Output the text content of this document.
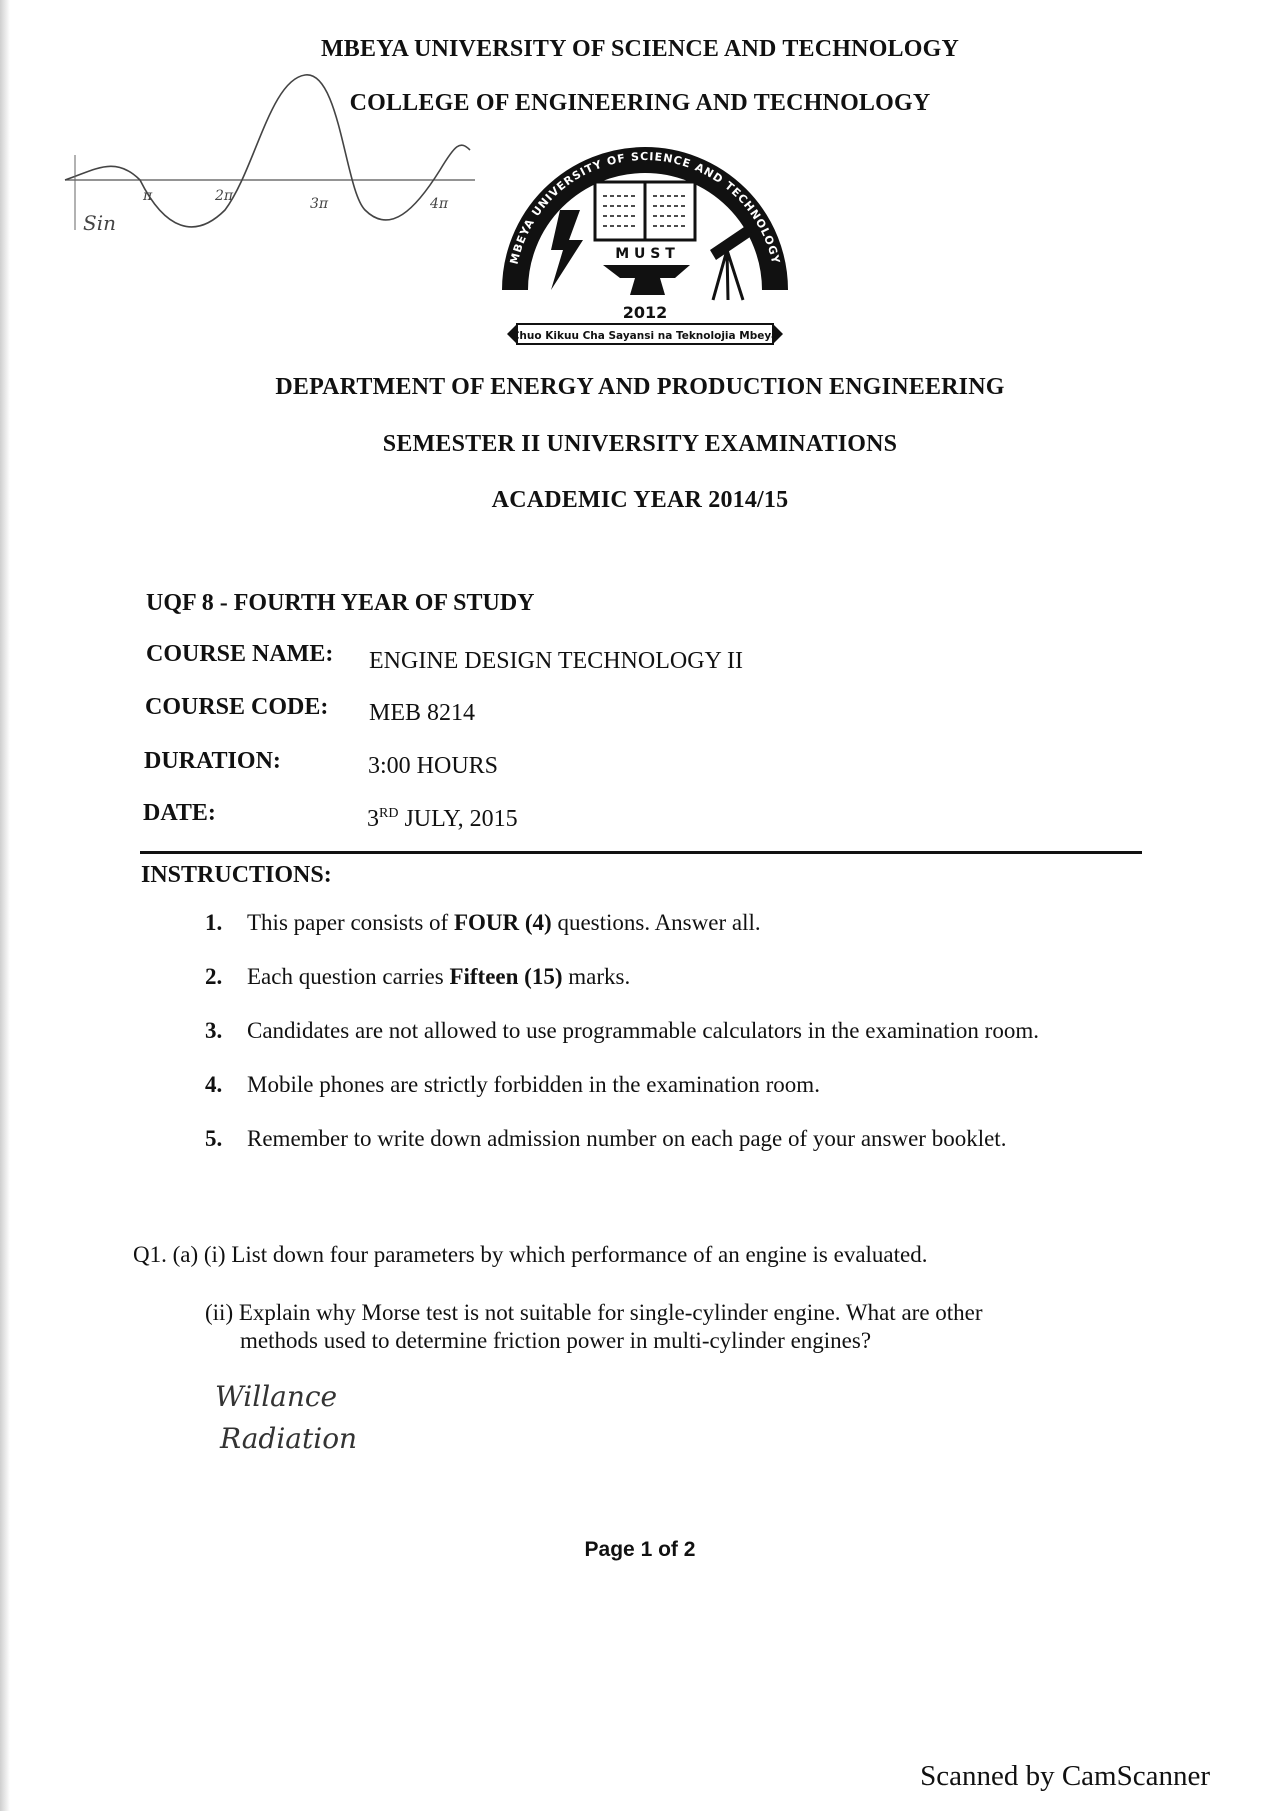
MBEYA UNIVERSITY OF SCIENCE AND TECHNOLOGY
COLLEGE OF ENGINEERING AND TECHNOLOGY
Sin
π	2π	3π	4π
MBEYA UNIVERSITY OF SCIENCE AND TECHNOLOGY
M U S T
2012
Chuo Kikuu Cha Sayansi na Teknolojia Mbeya
DEPARTMENT OF ENERGY AND PRODUCTION ENGINEERING
SEMESTER II UNIVERSITY EXAMINATIONS
ACADEMIC YEAR 2014/15
UQF 8 - FOURTH YEAR OF STUDY
COURSE NAME: ENGINE DESIGN TECHNOLOGY II
COURSE CODE: MEB 8214
DURATION:	3:00 HOURS
DATE:	3RD JULY, 2015
INSTRUCTIONS:
1.	This paper consists of FOUR (4) questions. Answer all.
2.	Each question carries Fifteen (15) marks.
3.	Candidates are not allowed to use programmable calculators in the examination room.
4.	Mobile phones are strictly forbidden in the examination room.
5.	Remember to write down admission number on each page of your answer booklet.
Q1. (a) (i) List down four parameters by which performance of an engine is evaluated.
(ii) Explain why Morse test is not suitable for single-cylinder engine. What are other
methods used to determine friction power in multi-cylinder engines?
Willance
Radiation
Page 1 of 2
Scanned by CamScanner
